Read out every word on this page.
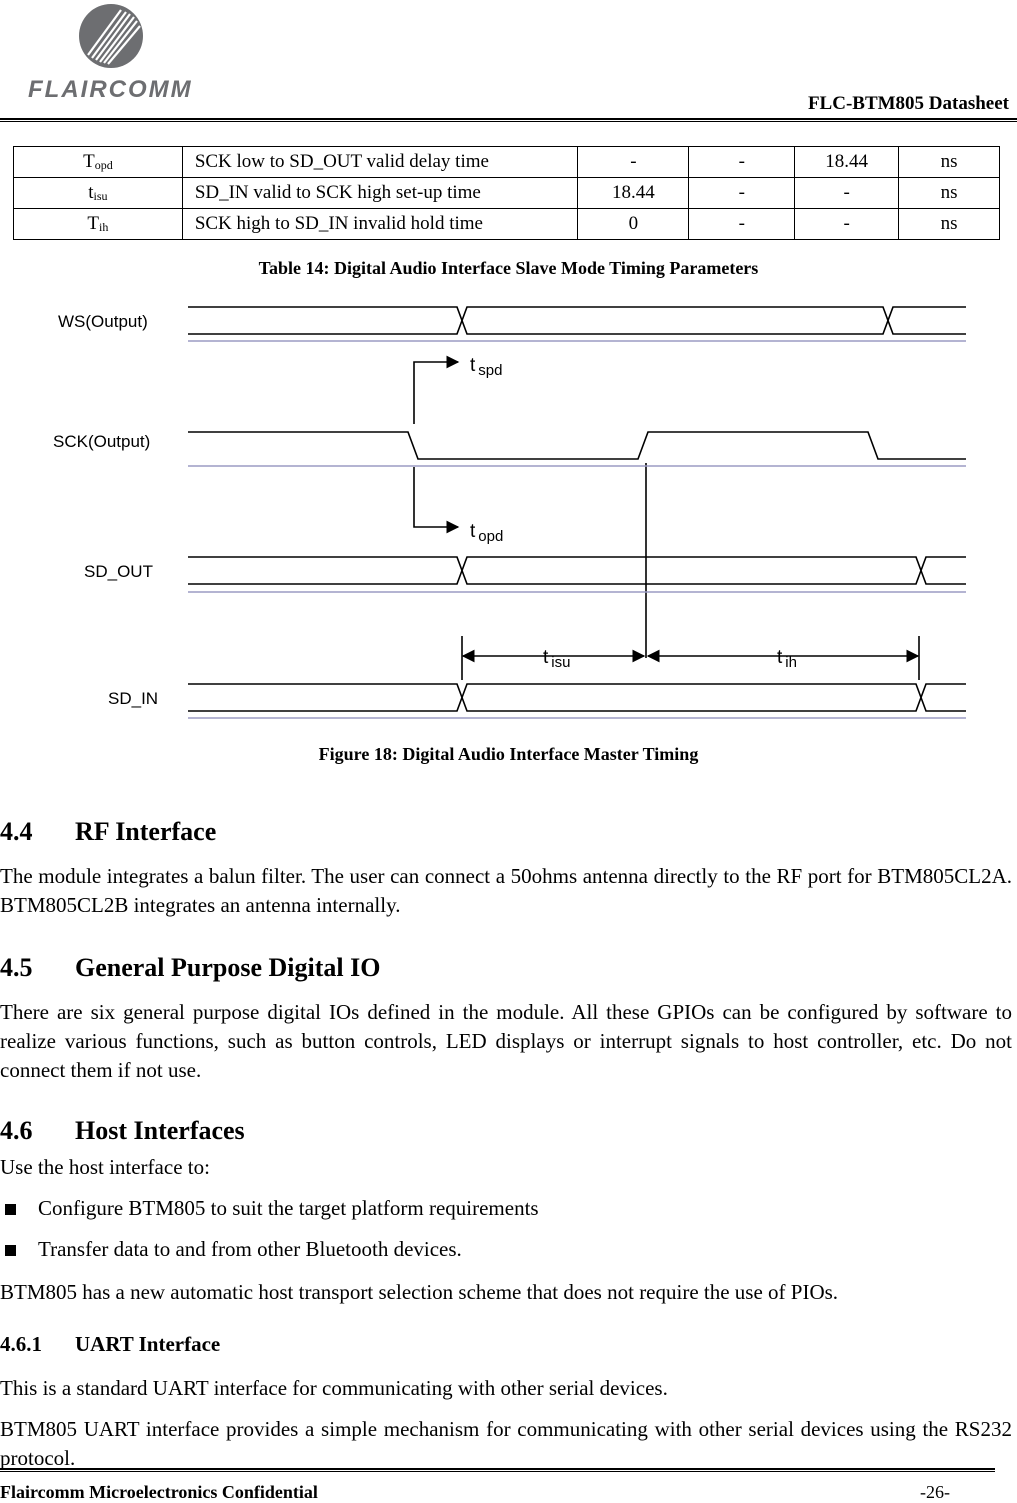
FLAIRCOMM
FLC-BTM805 Datasheet
$T_{opd}$	SCK low to SD_OUT valid delay time	-	-	18.44	ns
$t_{isu}$	SD_IN valid to SCK high set-up time	18.44	-	-	ns
$T_{ih}$	SCK high to SD_IN invalid hold time	0	-	-	ns
Table 14: Digital Audio Interface Slave Mode Timing Parameters
WS(Output)
SCK(Output)
SD_OUT
SD_IN
t $_{spd}$
t $_{opd}$
t $_{isu}$	t $_{ih}$
Figure 18: Digital Audio Interface Master Timing
4.4 RF Interface
The module integrates a balun filter. The user can connect a 50ohms antenna directly to the RF port for BTM805CL2A. BTM805CL2B integrates an antenna internally.
4.5 General Purpose Digital IO
There are six general purpose digital IOs defined in the module. All these GPIOs can be configured by software to realize various functions, such as button controls, LED displays or interrupt signals to host controller, etc. Do not connect them if not use.
4.6 Host Interfaces
Use the host interface to:
Configure BTM805 to suit the target platform requirements
Transfer data to and from other Bluetooth devices.
BTM805 has a new automatic host transport selection scheme that does not require the use of PIOs.
4.6.1 UART Interface
This is a standard UART interface for communicating with other serial devices.
BTM805 UART interface provides a simple mechanism for communicating with other serial devices using the RS232 protocol.
Flaircomm Microelectronics Confidential	-26-
